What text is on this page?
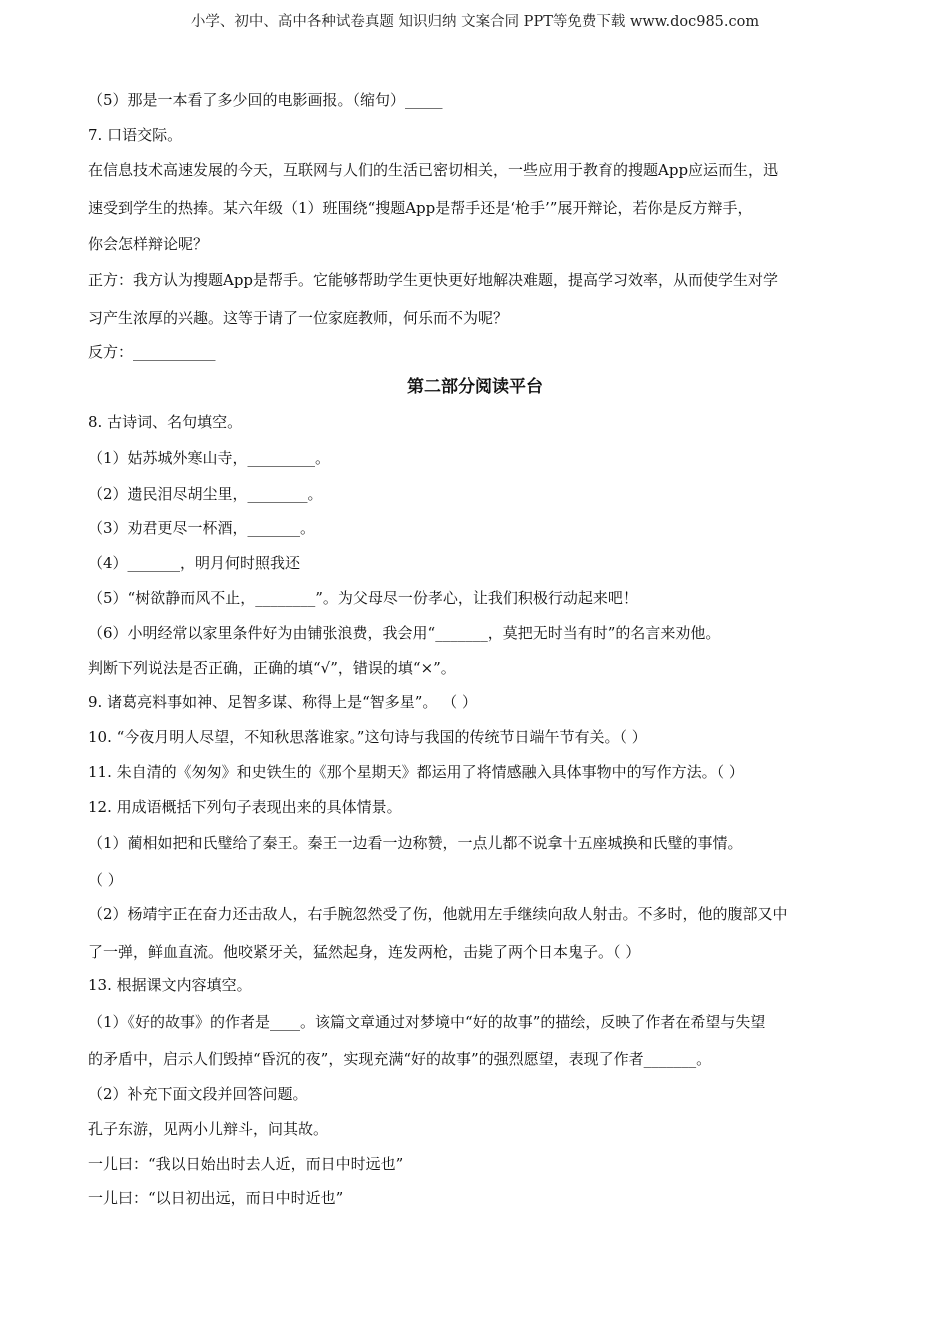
小学、初中、高中各种试卷真题 知识归纳 文案合同 PPT等免费下载 www.doc985.com
（5）那是一本看了多少回的电影画报。（缩句）_____
7. 口语交际。
在信息技术高速发展的今天，互联网与人们的生活已密切相关，一些应用于教育的搜题App应运而生，迅
速受到学生的热捧。某六年级（1）班围绕“搜题App是帮手还是‘枪手’”展开辩论，若你是反方辩手，
你会怎样辩论呢？
正方：我方认为搜题App是帮手。它能够帮助学生更快更好地解决难题，提高学习效率，从而使学生对学
习产生浓厚的兴趣。这等于请了一位家庭教师，何乐而不为呢？
反方：___________
第二部分阅读平台
8. 古诗词、名句填空。
（1）姑苏城外寒山寺，_________。
（2）遗民泪尽胡尘里，________。
（3）劝君更尽一杯酒，_______。
（4）_______，明月何时照我还
（5）“树欲静而风不止，________”。为父母尽一份孝心，让我们积极行动起来吧！
（6）小明经常以家里条件好为由铺张浪费，我会用“_______，莫把无时当有时”的名言来劝他。
判断下列说法是否正确，正确的填“√”，错误的填“×”。
9. 诸葛亮料事如神、足智多谋、称得上是“智多星”。 （ ）
10. “今夜月明人尽望，不知秋思落谁家。”这句诗与我国的传统节日端午节有关。（ ）
11. 朱自清的《匆匆》和史铁生的《那个星期天》都运用了将情感融入具体事物中的写作方法。（ ）
12. 用成语概括下列句子表现出来的具体情景。
（1）蔺相如把和氏璧给了秦王。秦王一边看一边称赞，一点儿都不说拿十五座城换和氏璧的事情。
（ ）
（2）杨靖宇正在奋力还击敌人，右手腕忽然受了伤，他就用左手继续向敌人射击。不多时，他的腹部又中
了一弹，鲜血直流。他咬紧牙关，猛然起身，连发两枪，击毙了两个日本鬼子。（ ）
13. 根据课文内容填空。
（1）《好的故事》的作者是____。该篇文章通过对梦境中“好的故事”的描绘，反映了作者在希望与失望
的矛盾中，启示人们毁掉“昏沉的夜”，实现充满“好的故事”的强烈愿望，表现了作者_______。
（2）补充下面文段并回答问题。
孔子东游，见两小儿辩斗，问其故。
一儿曰：“我以日始出时去人近，而日中时远也”
一儿曰：“以日初出远，而日中时近也”
